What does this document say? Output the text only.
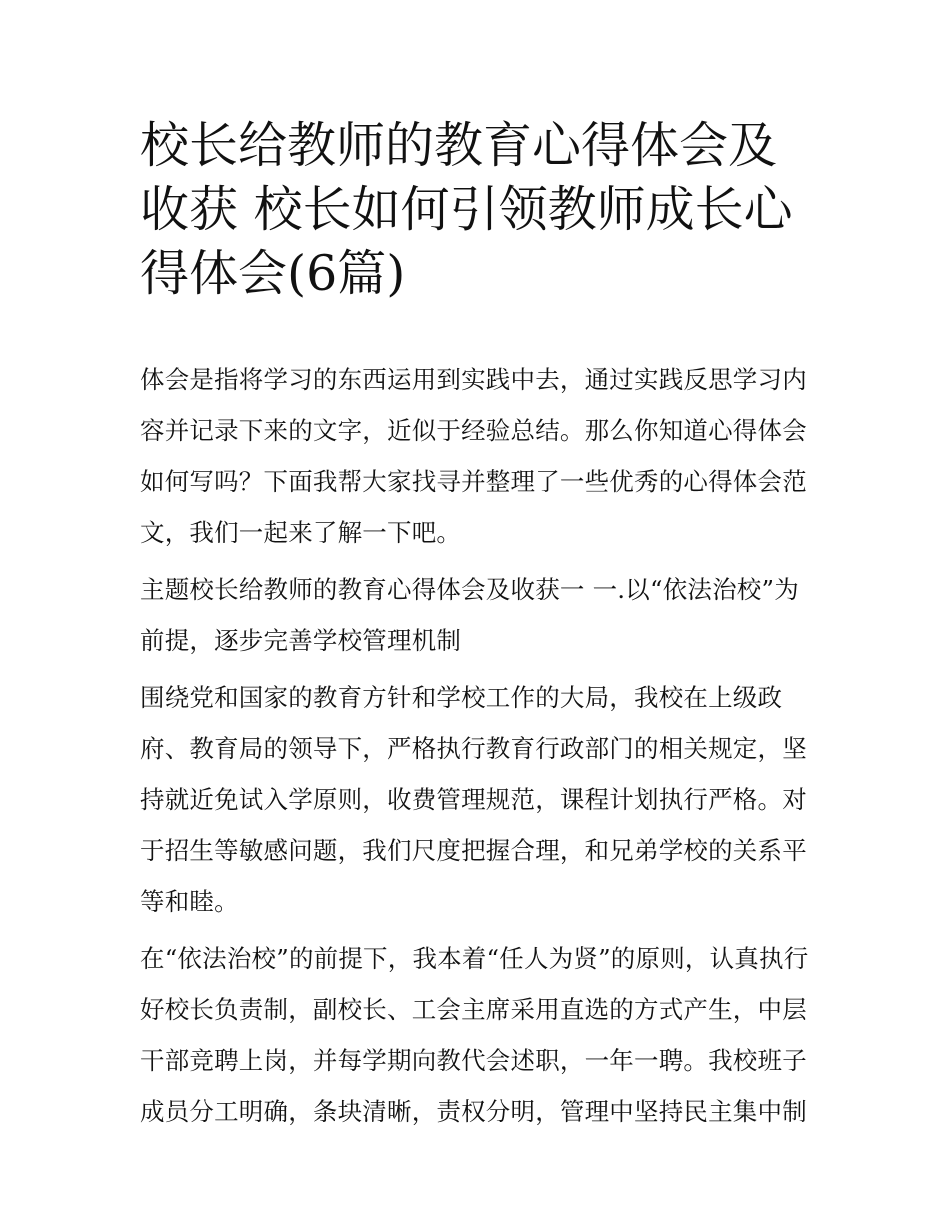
校长给教师的教育心得体会及收获 校长如何引领教师成长心得体会(6篇)

体会是指将学习的东西运用到实践中去，通过实践反思学习内容并记录下来的文字，近似于经验总结。那么你知道心得体会如何写吗？下面我帮大家找寻并整理了一些优秀的心得体会范文，我们一起来了解一下吧。

主题校长给教师的教育心得体会及收获一 一.以“依法治校”为前提，逐步完善学校管理机制

围绕党和国家的教育方针和学校工作的大局，我校在上级政府、教育局的领导下，严格执行教育行政部门的相关规定，坚持就近免试入学原则，收费管理规范，课程计划执行严格。对于招生等敏感问题，我们尺度把握合理，和兄弟学校的关系平等和睦。

在“依法治校”的前提下，我本着“任人为贤”的原则，认真执行好校长负责制，副校长、工会主席采用直选的方式产生，中层干部竞聘上岗，并每学期向教代会述职，一年一聘。我校班子成员分工明确，条块清晰，责权分明，管理中坚持民主集中制
